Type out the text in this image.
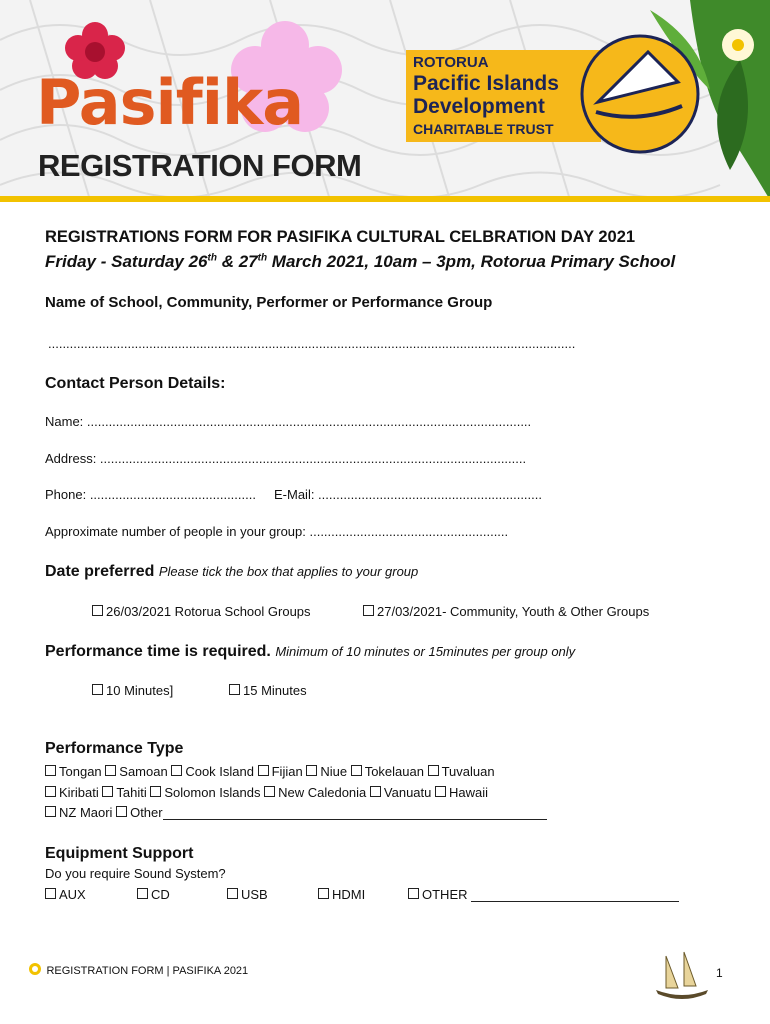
Pasifika
REGISTRATION FORM
ROTORUA
Pacific Islands
Development
CHARITABLE TRUST
REGISTRATIONS FORM FOR PASIFIKA CULTURAL CELBRATION DAY 2021
Friday - Saturday 26th & 27th March 2021, 10am – 3pm, Rotorua Primary School
Name of School, Community, Performer or Performance Group
..................................................................................................................................................
Contact Person Details:
Name: ...........................................................................................................................
Address: ......................................................................................................................
Phone: ..............................................	E-Mail: ..............................................................
Approximate number of people in your group: .......................................................
Date preferred Please tick the box that applies to your group
26/03/2021 Rotorua School Groups	27/03/2021- Community, Youth & Other Groups
Performance time is required. Minimum of 10 minutes or 15minutes per group only
10 Minutes]	15 Minutes
Performance Type
Tongan Samoan Cook Island Fijian Niue Tokelauan Tuvaluan
Kiribati Tahiti Solomon Islands New Caledonia Vanuatu Hawaii
NZ Maori Other
Equipment Support
Do you require Sound System?
AUX	CD	USB	HDMI	OTHER
REGISTRATION FORM | PASIFIKA 2021	1
